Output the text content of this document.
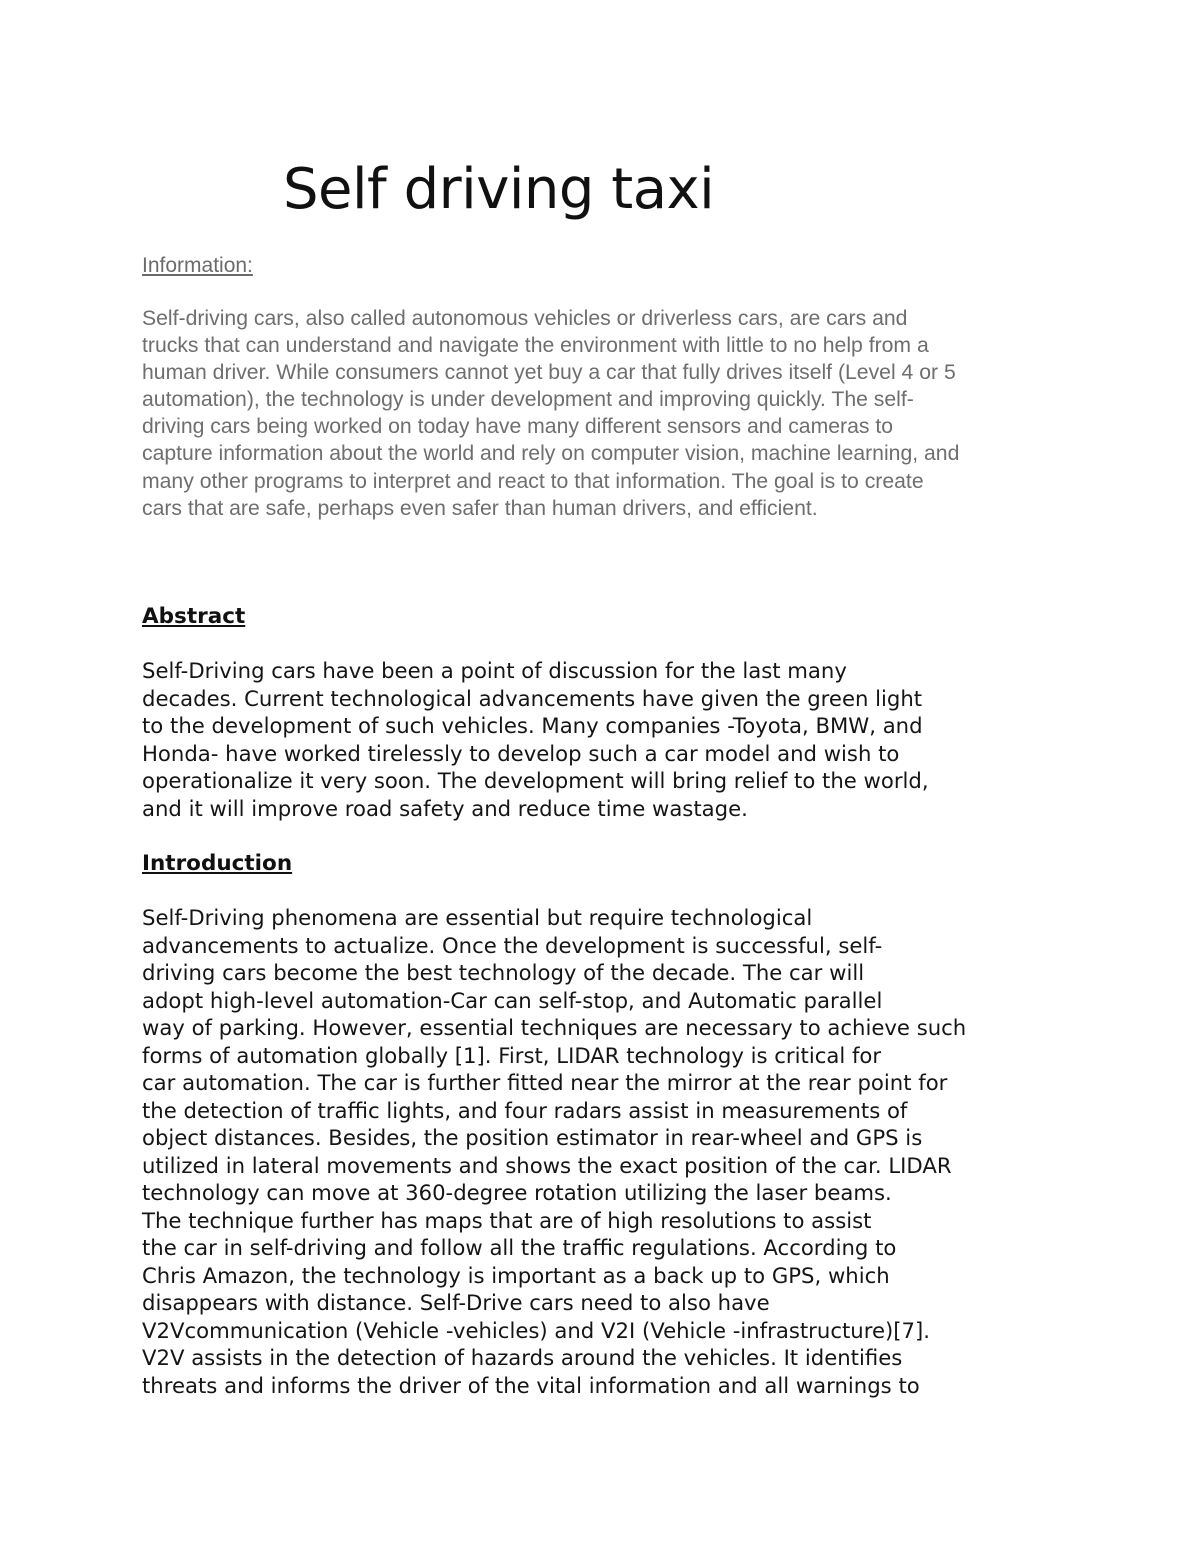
Self driving taxi
Information:
Self-driving cars, also called autonomous vehicles or driverless cars, are cars and
trucks that can understand and navigate the environment with little to no help from a
human driver. While consumers cannot yet buy a car that fully drives itself (Level 4 or 5
automation), the technology is under development and improving quickly. The self-
driving cars being worked on today have many different sensors and cameras to
capture information about the world and rely on computer vision, machine learning, and
many other programs to interpret and react to that information. The goal is to create
cars that are safe, perhaps even safer than human drivers, and efficient.
Abstract
Self-Driving cars have been a point of discussion for the last many
decades. Current technological advancements have given the green light
to the development of such vehicles. Many companies -Toyota, BMW, and
Honda- have worked tirelessly to develop such a car model and wish to
operationalize it very soon. The development will bring relief to the world,
and it will improve road safety and reduce time wastage.
Introduction
Self-Driving phenomena are essential but require technological
advancements to actualize. Once the development is successful, self-
driving cars become the best technology of the decade. The car will
adopt high-level automation-Car can self-stop, and Automatic parallel
way of parking. However, essential techniques are necessary to achieve such
forms of automation globally [1]. First, LIDAR technology is critical for
car automation. The car is further fitted near the mirror at the rear point for
the detection of traffic lights, and four radars assist in measurements of
object distances. Besides, the position estimator in rear-wheel and GPS is
utilized in lateral movements and shows the exact position of the car. LIDAR
technology can move at 360-degree rotation utilizing the laser beams.
The technique further has maps that are of high resolutions to assist
the car in self-driving and follow all the traffic regulations. According to
Chris Amazon, the technology is important as a back up to GPS, which
disappears with distance. Self-Drive cars need to also have
V2Vcommunication (Vehicle -vehicles) and V2I (Vehicle -infrastructure)[7].
V2V assists in the detection of hazards around the vehicles. It identifies
threats and informs the driver of the vital information and all warnings to
